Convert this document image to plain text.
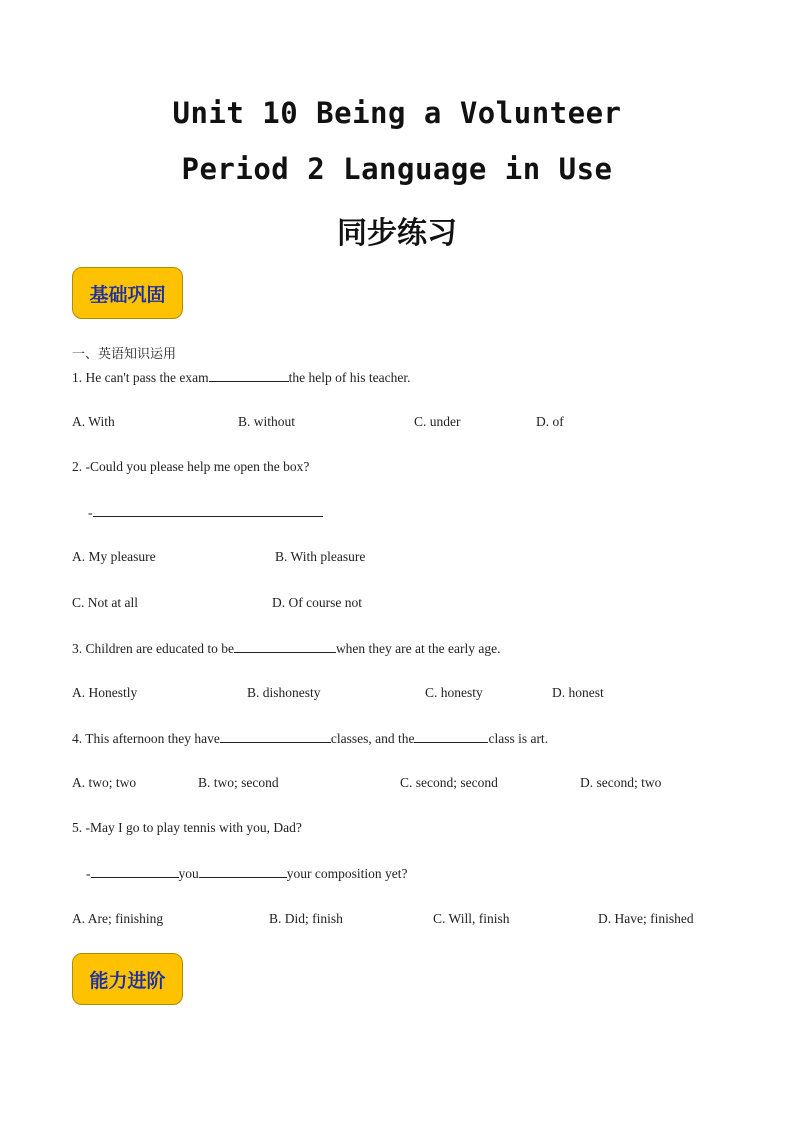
Unit 10 Being a Volunteer
Period 2 Language in Use
同步练习
基础巩固
一、英语知识运用
1. He can't pass the exam	the help of his teacher.
A. With	B. without	C. under	D. of
2. -Could you please help me open the box?
-
A. My pleasure	B. With pleasure
C. Not at all	D. Of course not
3. Children are educated to be	when they are at the early age.
A. Honestly	B. dishonesty	C. honesty	D. honest
4. This afternoon they have	classes, and the	class is art.
A. two; two	B. two; second	C. second; second	D. second; two
5. -May I go to play tennis with you, Dad?
-	you	your composition yet?
A. Are; finishing	B. Did; finish	C. Will, finish	D. Have; finished
能力进阶
